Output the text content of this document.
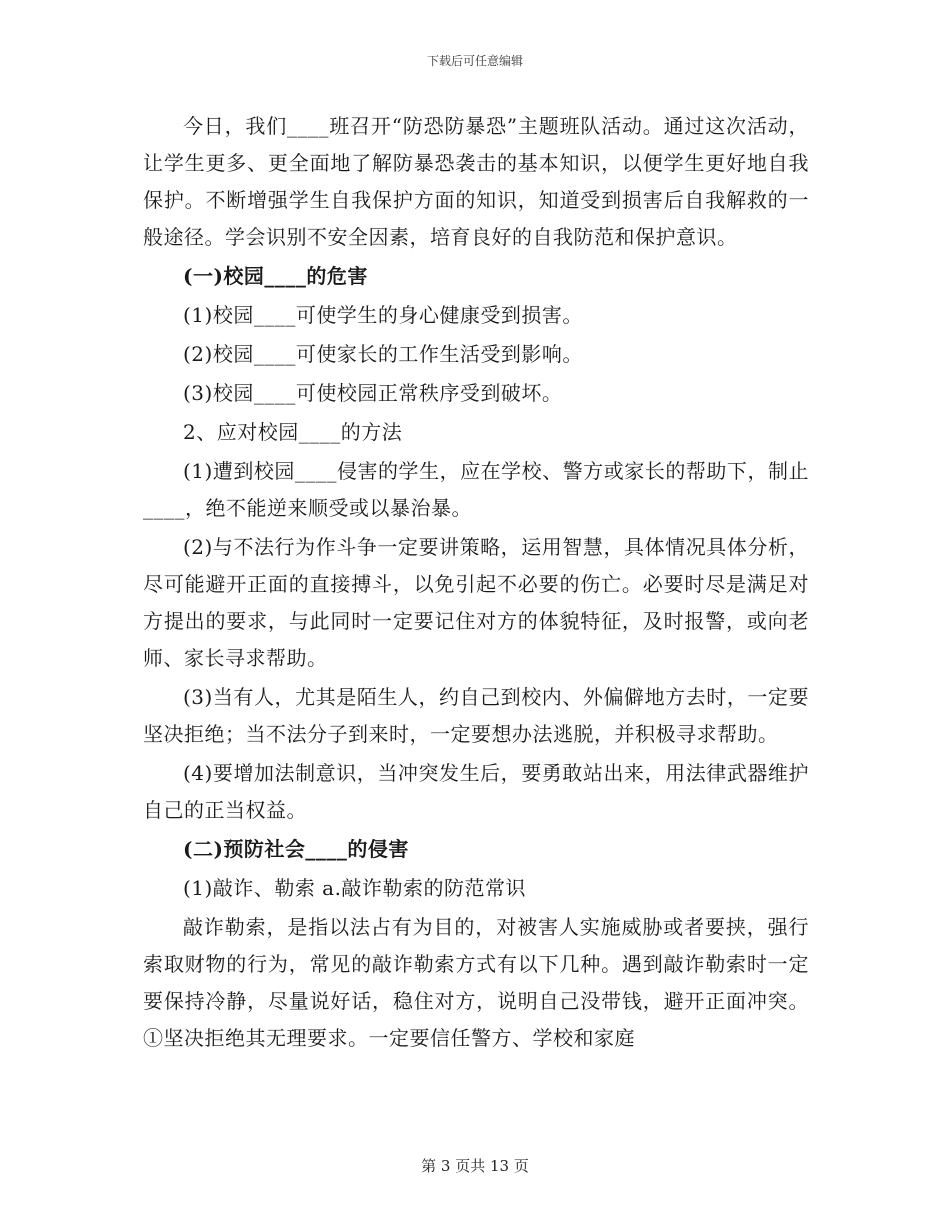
下载后可任意编辑

今日，我们____班召开“防恐防暴恐”主题班队活动。通过这次活动，让学生更多、更全面地了解防暴恐袭击的基本知识，以便学生更好地自我保护。不断增强学生自我保护方面的知识，知道受到损害后自我解救的一般途径。学会识别不安全因素，培育良好的自我防范和保护意识。

(一)校园____的危害

(1)校园____可使学生的身心健康受到损害。

(2)校园____可使家长的工作生活受到影响。

(3)校园____可使校园正常秩序受到破坏。

2、应对校园____的方法

(1)遭到校园____侵害的学生，应在学校、警方或家长的帮助下，制止____，绝不能逆来顺受或以暴治暴。

(2)与不法行为作斗争一定要讲策略，运用智慧，具体情况具体分析，尽可能避开正面的直接搏斗，以免引起不必要的伤亡。必要时尽是满足对方提出的要求，与此同时一定要记住对方的体貌特征，及时报警，或向老师、家长寻求帮助。

(3)当有人，尤其是陌生人，约自己到校内、外偏僻地方去时，一定要坚决拒绝；当不法分子到来时，一定要想办法逃脱，并积极寻求帮助。

(4)要增加法制意识，当冲突发生后，要勇敢站出来，用法律武器维护自己的正当权益。

(二)预防社会____的侵害

(1)敲诈、勒索 a.敲诈勒索的防范常识

敲诈勒索，是指以法占有为目的，对被害人实施威胁或者要挟，强行索取财物的行为，常见的敲诈勒索方式有以下几种。遇到敲诈勒索时一定要保持冷静，尽量说好话，稳住对方，说明自己没带钱，避开正面冲突。①坚决拒绝其无理要求。一定要信任警方、学校和家庭

第 3 页共 13 页
